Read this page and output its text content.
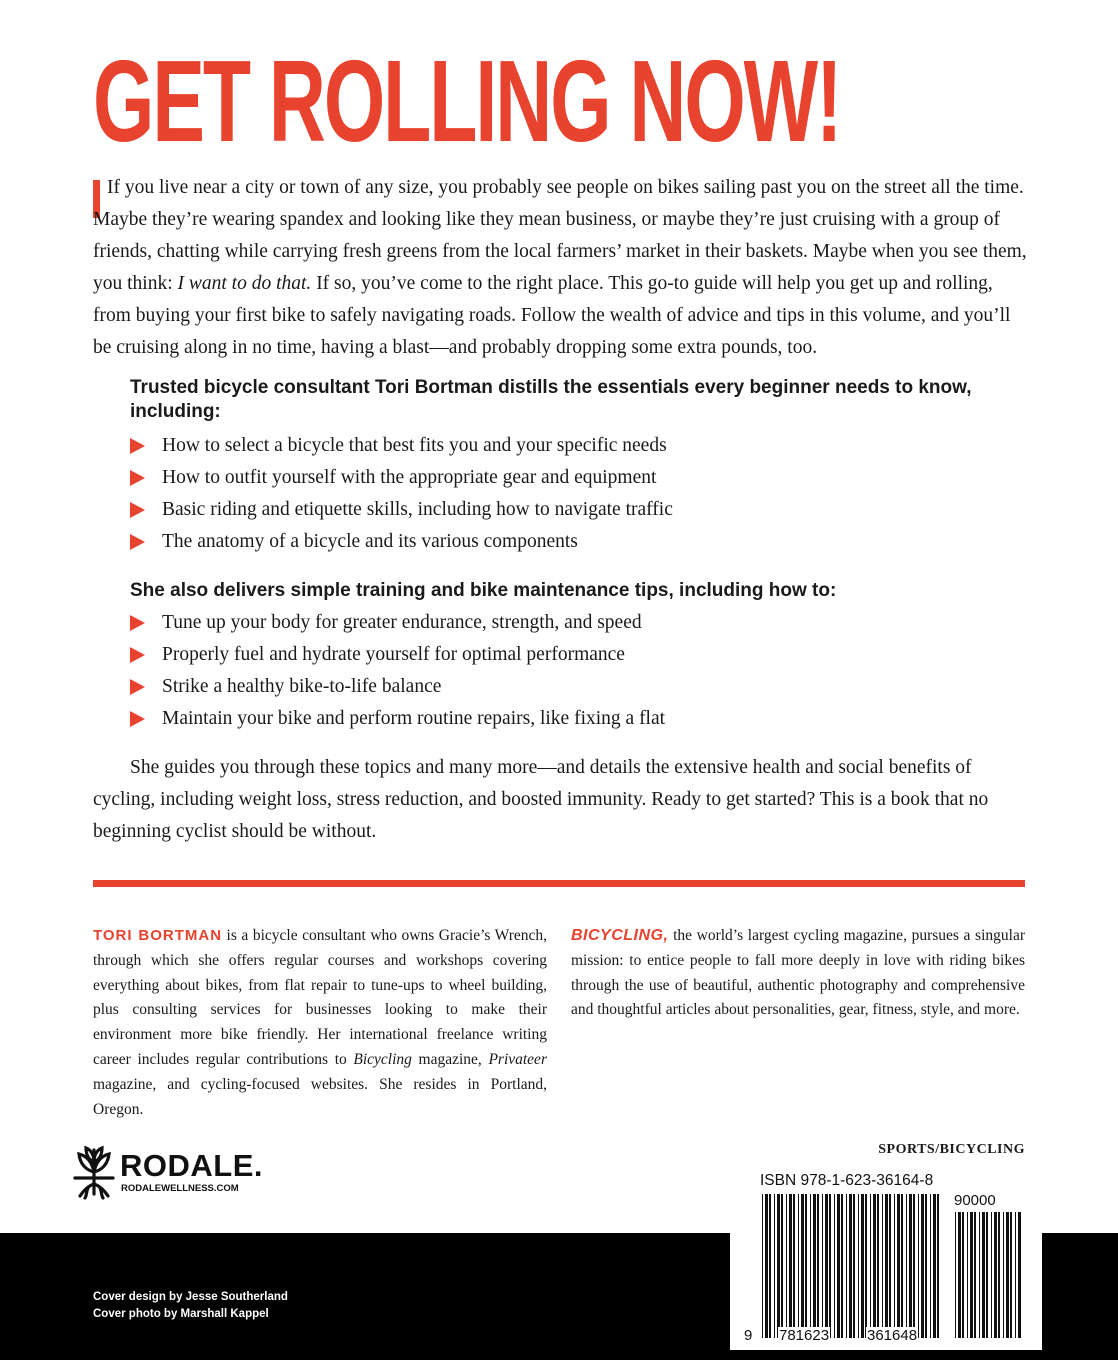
GET ROLLING NOW!

If you live near a city or town of any size, you probably see people on bikes sailing past you on the street all the time. Maybe they’re wearing spandex and looking like they mean business, or maybe they’re just cruising with a group of friends, chatting while carrying fresh greens from the local farmers’ market in their baskets. Maybe when you see them, you think: I want to do that. If so, you’ve come to the right place. This go-to guide will help you get up and rolling, from buying your first bike to safely navigating roads. Follow the wealth of advice and tips in this volume, and you’ll be cruising along in no time, having a blast—and probably dropping some extra pounds, too.

Trusted bicycle consultant Tori Bortman distills the essentials every beginner needs to know, including:

How to select a bicycle that best fits you and your specific needs
How to outfit yourself with the appropriate gear and equipment
Basic riding and etiquette skills, including how to navigate traffic
The anatomy of a bicycle and its various components

She also delivers simple training and bike maintenance tips, including how to:

Tune up your body for greater endurance, strength, and speed
Properly fuel and hydrate yourself for optimal performance
Strike a healthy bike-to-life balance
Maintain your bike and perform routine repairs, like fixing a flat

She guides you through these topics and many more—and details the extensive health and social benefits of cycling, including weight loss, stress reduction, and boosted immunity. Ready to get started? This is a book that no beginning cyclist should be without.

TORI BORTMAN is a bicycle consultant who owns Gracie’s Wrench, through which she offers regular courses and workshops covering everything about bikes, from flat repair to tune-ups to wheel building, plus consulting services for businesses looking to make their environment more bike friendly. Her international freelance writing career includes regular contributions to Bicycling magazine, Privateer magazine, and cycling-focused websites. She resides in Portland, Oregon.

BICYCLING, the world’s largest cycling magazine, pursues a singular mission: to entice people to fall more deeply in love with riding bikes through the use of beautiful, authentic photography and comprehensive and thoughtful articles about personalities, gear, fitness, style, and more.

SPORTS/BICYCLING

RODALE.
RODALEWELLNESS.COM

Cover design by Jesse Southerland

Cover photo by Marshall Kappel

ISBN 978-1-623-36164-8

90000

9 781623	361648
